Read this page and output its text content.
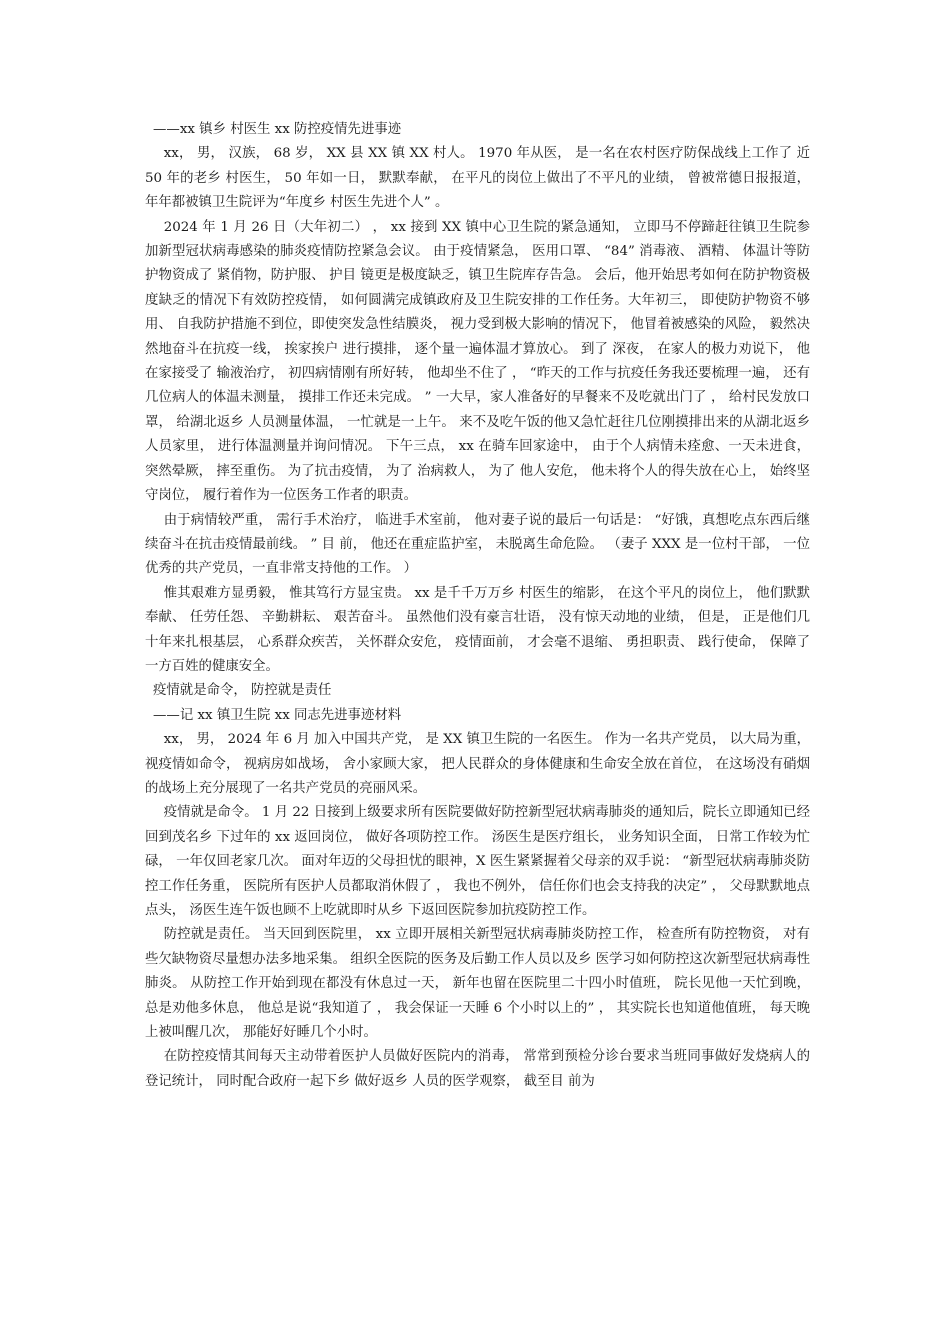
——xx 镇乡 村医生 xx 防控疫情先进事迹

xx， 男， 汉族， 68 岁， XX 县 XX 镇 XX 村人。 1970 年从医， 是一名在农村医疗防保战线上工作了 近 50 年的老乡 村医生， 50 年如一日， 默默奉献， 在平凡的岗位上做出了不平凡的业绩， 曾被常德日报报道， 年年都被镇卫生院评为“年度乡 村医生先进个人” 。

2024 年 1 月 26 日（大年初二） ， xx 接到 XX 镇中心卫生院的紧急通知， 立即马不停蹄赶往镇卫生院参加新型冠状病毒感染的肺炎疫情防控紧急会议。 由于疫情紧急， 医用口罩、 “84” 消毒液、 酒精、 体温计等防护物资成了 紧俏物，防护服、 护目 镜更是极度缺乏，镇卫生院库存告急。 会后，他开始思考如何在防护物资极度缺乏的情况下有效防控疫情， 如何圆满完成镇政府及卫生院安排的工作任务。大年初三， 即使防护物资不够用、 自我防护措施不到位，即使突发急性结膜炎， 视力受到极大影响的情况下， 他冒着被感染的风险， 毅然决然地奋斗在抗疫一线， 挨家挨户 进行摸排， 逐个量一遍体温才算放心。 到了 深夜， 在家人的极力劝说下， 他在家接受了 输液治疗， 初四病情刚有所好转， 他却坐不住了 ， “昨天的工作与抗疫任务我还要梳理一遍， 还有几位病人的体温未测量， 摸排工作还未完成。 ” 一大早，家人准备好的早餐来不及吃就出门了 ， 给村民发放口 罩， 给湖北返乡 人员测量体温， 一忙就是一上午。 来不及吃午饭的他又急忙赶往几位刚摸排出来的从湖北返乡 人员家里， 进行体温测量并询问情况。 下午三点， xx 在骑车回家途中， 由于个人病情未痊愈、一天未进食， 突然晕厥， 摔至重伤。 为了抗击疫情， 为了 治病救人， 为了 他人安危， 他未将个人的得失放在心上， 始终坚守岗位， 履行着作为一位医务工作者的职责。

由于病情较严重， 需行手术治疗， 临进手术室前， 他对妻子说的最后一句话是： “好饿，真想吃点东西后继续奋斗在抗击疫情最前线。 ” 目 前， 他还在重症监护室， 未脱离生命危险。 （妻子 XXX 是一位村干部， 一位优秀的共产党员，一直非常支持他的工作。 ）

惟其艰难方显勇毅， 惟其笃行方显宝贵。 xx 是千千万万乡 村医生的缩影， 在这个平凡的岗位上， 他们默默奉献、 任劳任怨、 辛勤耕耘、 艰苦奋斗。 虽然他们没有豪言壮语， 没有惊天动地的业绩， 但是， 正是他们几十年来扎根基层， 心系群众疾苦， 关怀群众安危， 疫情面前， 才会毫不退缩、 勇担职责、 践行使命， 保障了 一方百姓的健康安全。

疫情就是命令， 防控就是责任

——记 xx 镇卫生院 xx 同志先进事迹材料

xx， 男， 2024 年 6 月 加入中国共产党， 是 XX 镇卫生院的一名医生。 作为一名共产党员， 以大局为重， 视疫情如命令， 视病房如战场， 舍小家顾大家， 把人民群众的身体健康和生命安全放在首位， 在这场没有硝烟的战场上充分展现了一名共产党员的亮丽风采。

疫情就是命令。 1 月 22 日接到上级要求所有医院要做好防控新型冠状病毒肺炎的通知后，院长立即通知已经回到茂名乡 下过年的 xx 返回岗位， 做好各项防控工作。 汤医生是医疗组长， 业务知识全面， 日常工作较为忙碌， 一年仅回老家几次。 面对年迈的父母担忧的眼神，X 医生紧紧握着父母亲的双手说： “新型冠状病毒肺炎防控工作任务重， 医院所有医护人员都取消休假了 ， 我也不例外， 信任你们也会支持我的决定” ， 父母默默地点点头， 汤医生连午饭也顾不上吃就即时从乡 下返回医院参加抗疫防控工作。

防控就是责任。 当天回到医院里， xx 立即开展相关新型冠状病毒肺炎防控工作， 检查所有防控物资， 对有些欠缺物资尽量想办法多地采集。 组织全医院的医务及后勤工作人员以及乡 医学习如何防控这次新型冠状病毒性肺炎。 从防控工作开始到现在都没有休息过一天， 新年也留在医院里二十四小时值班， 院长见他一天忙到晚， 总是劝他多休息， 他总是说“我知道了 ， 我会保证一天睡 6 个小时以上的” ， 其实院长也知道他值班， 每天晚上被叫醒几次， 那能好好睡几个小时。

在防控疫情其间每天主动带着医护人员做好医院内的消毒， 常常到预检分诊台要求当班同事做好发烧病人的登记统计， 同时配合政府一起下乡 做好返乡 人员的医学观察， 截至目 前为
